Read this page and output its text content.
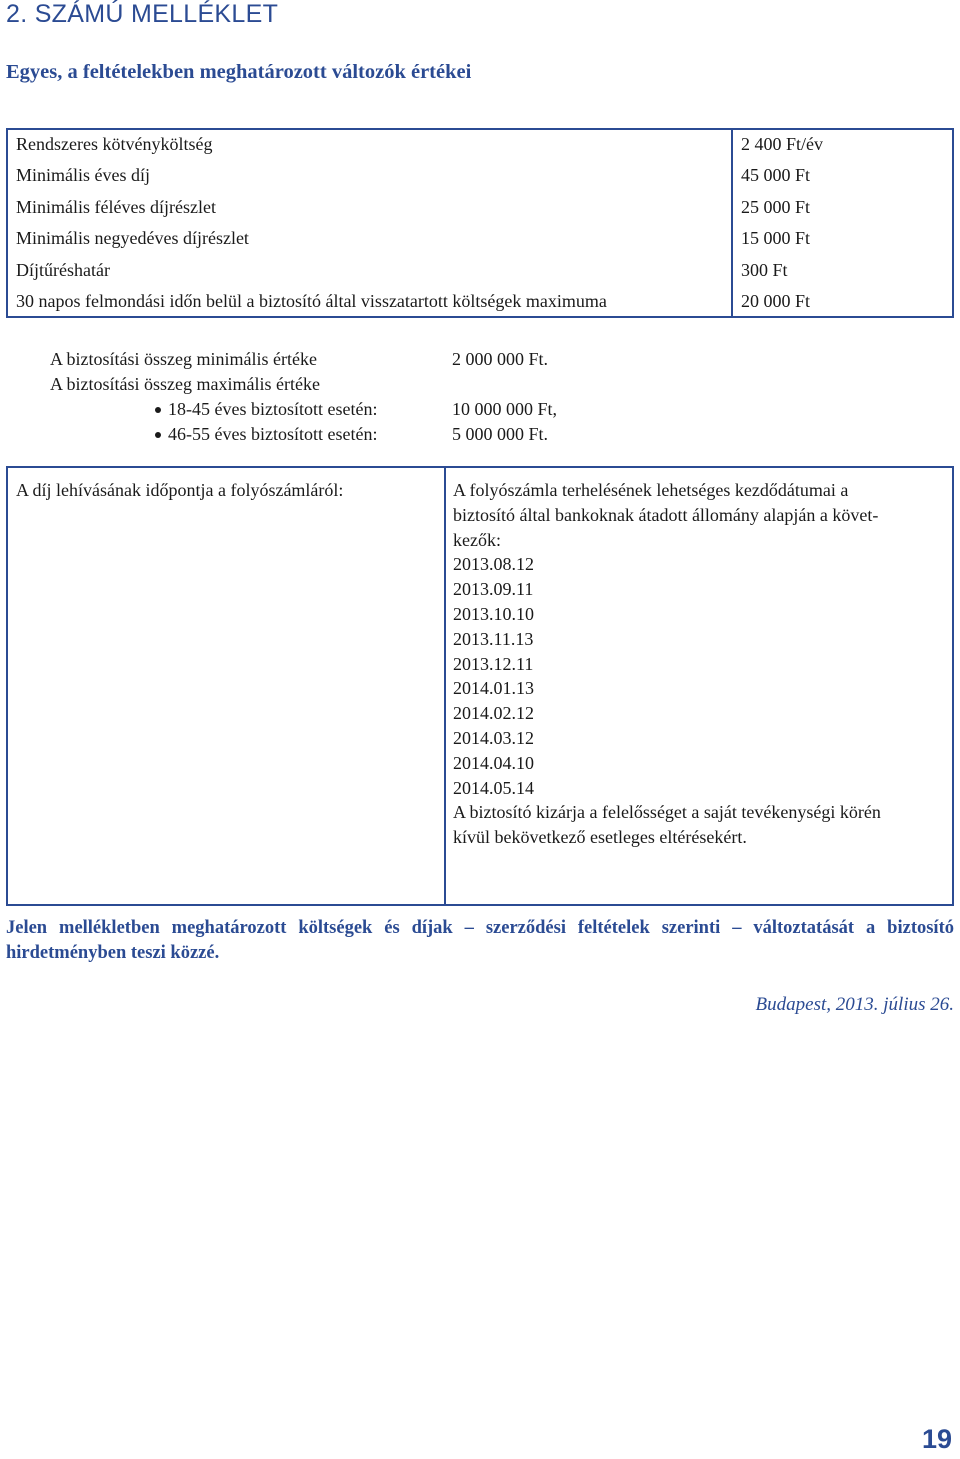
2. SZÁMÚ MELLÉKLET
Egyes, a feltételekben meghatározott változók értékei
Rendszeres kötvényköltség	2 400 Ft/év
Minimális éves díj	45 000 Ft
Minimális féléves díjrészlet	25 000 Ft
Minimális negyedéves díjrészlet	15 000 Ft
Díjtűréshatár	300 Ft
30 napos felmondási időn belül a biztosító által visszatartott költségek maximuma	20 000 Ft
A biztosítási összeg minimális értéke	2 000 000 Ft.
A biztosítási összeg maximális értéke
18-45 éves biztosított esetén:	10 000 000 Ft,
46-55 éves biztosított esetén:	5 000 000 Ft.
A díj lehívásának időpontja a folyószámláról:	A folyószámla terhelésének lehetséges kezdődátumai a
biztosító által bankoknak átadott állomány alapján a követ-
kezők:
2013.08.12
2013.09.11
2013.10.10
2013.11.13
2013.12.11
2014.01.13
2014.02.12
2014.03.12
2014.04.10
2014.05.14
A biztosító kizárja a felelősséget a saját tevékenységi körén
kívül bekövetkező esetleges eltérésekért.
Jelen mellékletben meghatározott költségek és díjak – szerződési feltételek szerinti – változtatását a biztosító
hirdetményben teszi közzé.
Budapest, 2013. július 26.
19
